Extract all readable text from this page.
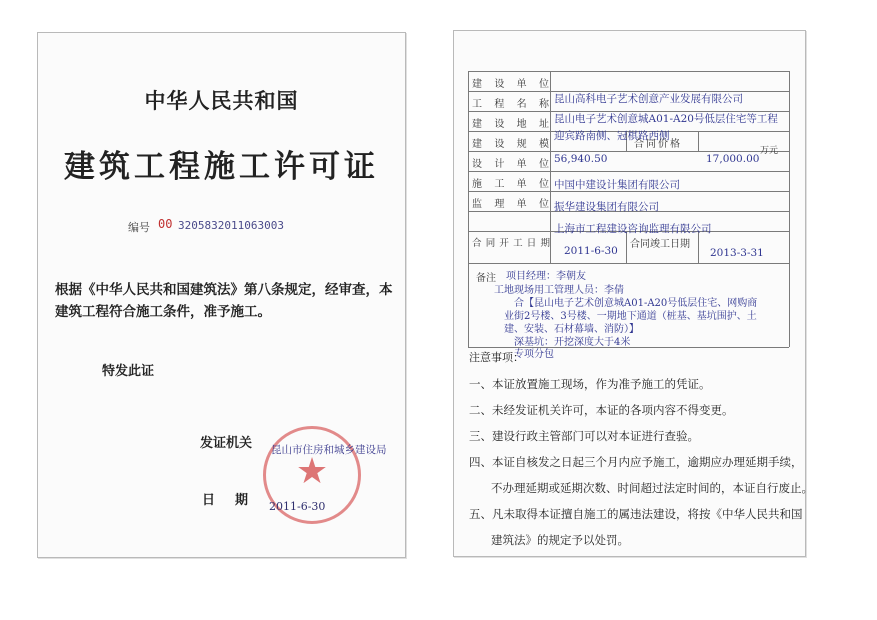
中华人民共和国
建筑工程施工许可证
编号 00 320583201106300З
根据《中华人民共和国建筑法》第八条规定，经审查，本建筑工程符合施工条件，准予施工。
特发此证
★
发证机关 昆山市住房和城乡建设局
日期 2011-6-30
建设单位
工程名称 昆山高科电子艺术创意产业发展有限公司
建设地址 昆山电子艺术创意城A01-A20号低层住宅等工程
建设规模
迎宾路南侧、冠棋路西侧
设计单位 56,940.50
合同价格
17,000.00
万元
施工单位 中国中建设计集团有限公司
监理单位 振华建设集团有限公司
合同开工日期
上海市工程建设咨询监理有限公司
2011-6-30
合同竣工日期
2013-3-31
备注 项目经理：李朝友
工地现场用工管理人员：李倩
合【昆山电子艺术创意城A01-A20号低层住宅、网购商
业街2号楼、3号楼、一期地下通道（桩基、基坑围护、土
建、安装、石材幕墙、消防）】
深基坑：开挖深度大于4米
专项分包
注意事项：
一、本证放置施工现场，作为准予施工的凭证。
二、未经发证机关许可，本证的各项内容不得变更。
三、建设行政主管部门可以对本证进行查验。
四、本证自核发之日起三个月内应予施工，逾期应办理延期手续，
不办理延期或延期次数、时间超过法定时间的，本证自行废止。
五、凡未取得本证擅自施工的属违法建设，将按《中华人民共和国
建筑法》的规定予以处罚。
